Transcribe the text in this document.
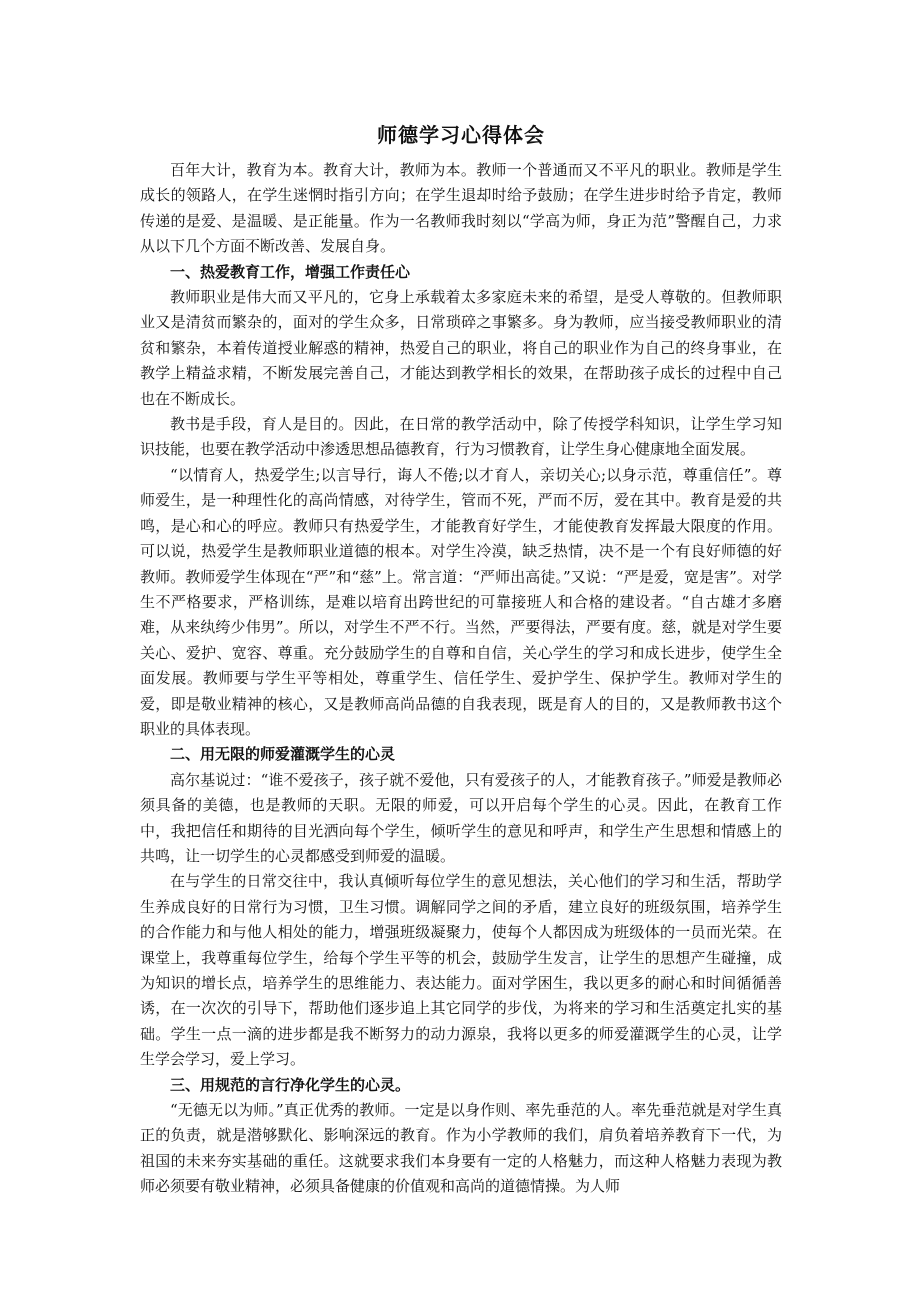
师德学习心得体会

百年大计，教育为本。教育大计，教师为本。教师一个普通而又不平凡的职业。教师是学生成长的领路人，在学生迷惘时指引方向；在学生退却时给予鼓励；在学生进步时给予肯定，教师传递的是爱、是温暖、是正能量。作为一名教师我时刻以“学高为师，身正为范”警醒自己，力求从以下几个方面不断改善、发展自身。

一、热爱教育工作，增强工作责任心

教师职业是伟大而又平凡的，它身上承载着太多家庭未来的希望，是受人尊敬的。但教师职业又是清贫而繁杂的，面对的学生众多，日常琐碎之事繁多。身为教师，应当接受教师职业的清贫和繁杂，本着传道授业解惑的精神，热爱自己的职业，将自己的职业作为自己的终身事业，在教学上精益求精，不断发展完善自己，才能达到教学相长的效果，在帮助孩子成长的过程中自己也在不断成长。

教书是手段，育人是目的。因此，在日常的教学活动中，除了传授学科知识，让学生学习知识技能，也要在教学活动中渗透思想品德教育，行为习惯教育，让学生身心健康地全面发展。

“以情育人，热爱学生;以言导行，诲人不倦;以才育人，亲切关心;以身示范，尊重信任”。尊师爱生，是一种理性化的高尚情感，对待学生，管而不死，严而不厉，爱在其中。教育是爱的共鸣，是心和心的呼应。教师只有热爱学生，才能教育好学生，才能使教育发挥最大限度的作用。可以说，热爱学生是教师职业道德的根本。对学生冷漠，缺乏热情，决不是一个有良好师德的好教师。教师爱学生体现在“严”和“慈”上。常言道：“严师出高徒。”又说：“严是爱，宽是害”。对学生不严格要求，严格训练，是难以培育出跨世纪的可靠接班人和合格的建设者。“自古雄才多磨难，从来纨绔少伟男”。所以，对学生不严不行。当然，严要得法，严要有度。慈，就是对学生要关心、爱护、宽容、尊重。充分鼓励学生的自尊和自信，关心学生的学习和成长进步，使学生全面发展。教师要与学生平等相处，尊重学生、信任学生、爱护学生、保护学生。教师对学生的爱，即是敬业精神的核心，又是教师高尚品德的自我表现，既是育人的目的，又是教师教书这个职业的具体表现。

二、用无限的师爱灌溉学生的心灵

高尔基说过：“谁不爱孩子，孩子就不爱他，只有爱孩子的人，才能教育孩子。”师爱是教师必须具备的美德，也是教师的天职。无限的师爱，可以开启每个学生的心灵。因此，在教育工作中，我把信任和期待的目光洒向每个学生，倾听学生的意见和呼声，和学生产生思想和情感上的共鸣，让一切学生的心灵都感受到师爱的温暖。

在与学生的日常交往中，我认真倾听每位学生的意见想法，关心他们的学习和生活，帮助学生养成良好的日常行为习惯，卫生习惯。调解同学之间的矛盾，建立良好的班级氛围，培养学生的合作能力和与他人相处的能力，增强班级凝聚力，使每个人都因成为班级体的一员而光荣。在课堂上，我尊重每位学生，给每个学生平等的机会，鼓励学生发言，让学生的思想产生碰撞，成为知识的增长点，培养学生的思维能力、表达能力。面对学困生，我以更多的耐心和时间循循善诱，在一次次的引导下，帮助他们逐步追上其它同学的步伐，为将来的学习和生活奠定扎实的基础。学生一点一滴的进步都是我不断努力的动力源泉，我将以更多的师爱灌溉学生的心灵，让学生学会学习，爱上学习。

三、用规范的言行净化学生的心灵。

“无德无以为师。”真正优秀的教师。一定是以身作则、率先垂范的人。率先垂范就是对学生真正的负责，就是潜够默化、影响深远的教育。作为小学教师的我们，肩负着培养教育下一代，为祖国的未来夯实基础的重任。这就要求我们本身要有一定的人格魅力，而这种人格魅力表现为教师必须要有敬业精神，必须具备健康的价值观和高尚的道德情操。为人师
